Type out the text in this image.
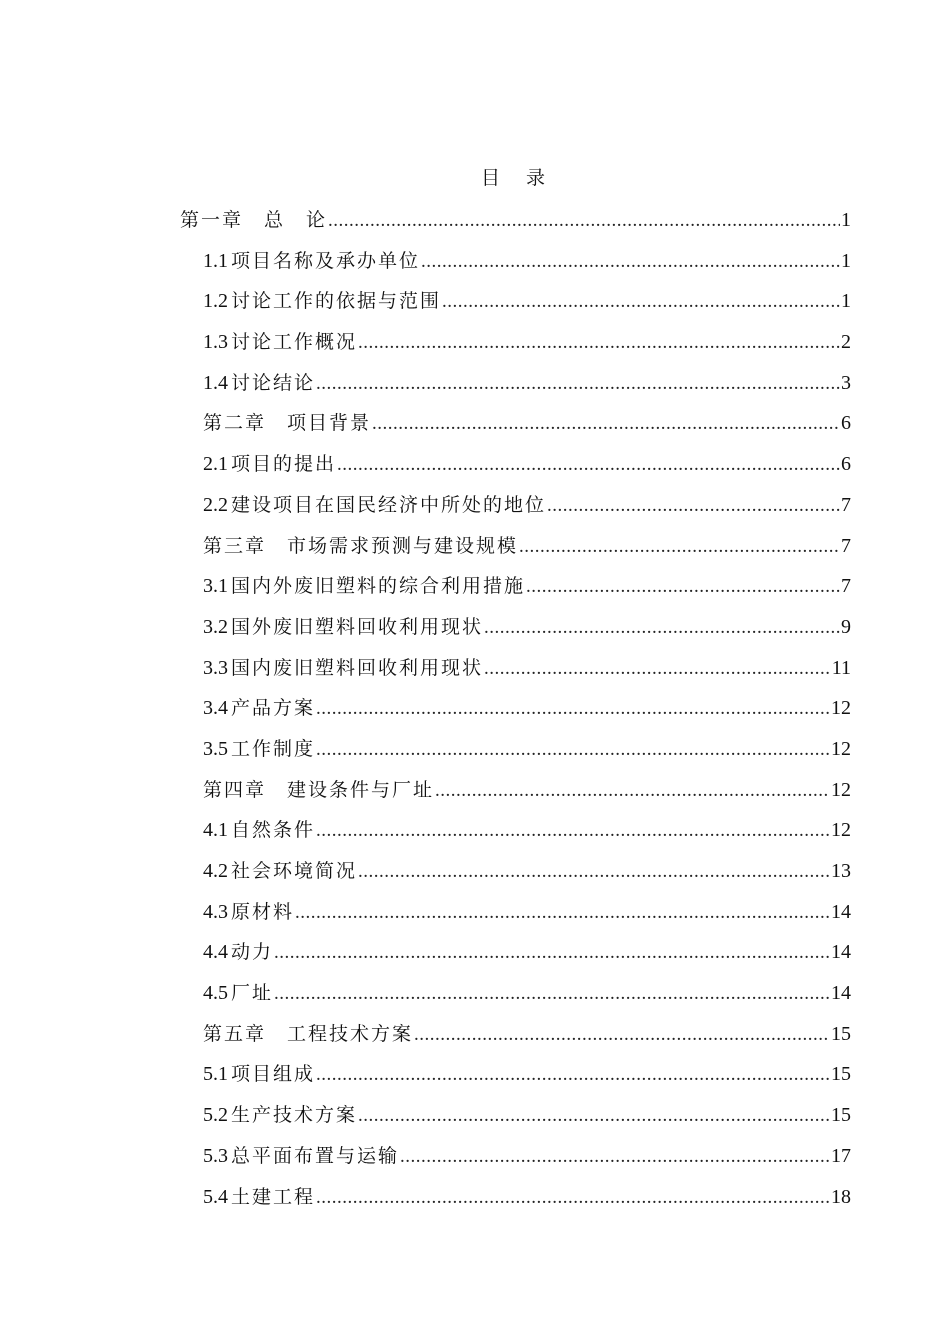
目 录
第一章　总　论 .....	1
1.1 项目名称及承办单位 .....	1
1.2 讨论工作的依据与范围 .....	1
1.3 讨论工作概况 .....	2
1.4 讨论结论 .....	3
第二章　项目背景 .....	6
2.1 项目的提出 .....	6
2.2 建设项目在国民经济中所处的地位 .....	7
第三章　市场需求预测与建设规模 .....	7
3.1 国内外废旧塑料的综合利用措施 .....	7
3.2 国外废旧塑料回收利用现状 .....	9
3.3 国内废旧塑料回收利用现状 .....	11
3.4 产品方案 .....	12
3.5 工作制度 .....	12
第四章　建设条件与厂址 .....	12
4.1 自然条件 .....	12
4.2 社会环境简况 .....	13
4.3 原材料 .....	14
4.4 动力 .....	14
4.5 厂址 .....	14
第五章　工程技术方案 .....	15
5.1 项目组成 .....	15
5.2 生产技术方案 .....	15
5.3 总平面布置与运输 .....	17
5.4 土建工程 .....	18
